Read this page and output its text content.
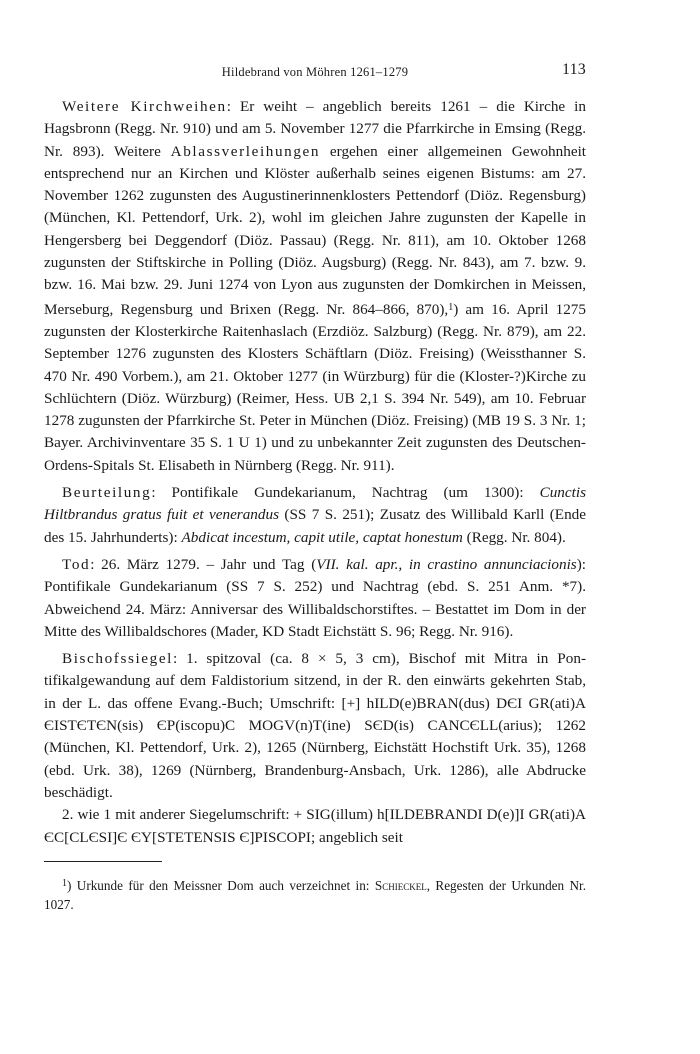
Hildebrand von Möhren 1261–1279	113

Weitere Kirchweihen: Er weiht – angeblich bereits 1261 – die Kirche in Hagsbronn (Regg. Nr. 910) und am 5. November 1277 die Pfarrkirche in Emsing (Regg. Nr. 893). Weitere Ablassverleihungen ergehen einer allgemeinen Gewohnheit entsprechend nur an Kirchen und Klöster außerhalb seines eigenen Bistums: am 27. November 1262 zugunsten des Augustinerinnenklosters Pettendorf (Diöz. Regensburg) (München, Kl. Pettendorf, Urk. 2), wohl im gleichen Jahre zugunsten der Kapelle in Hengersberg bei Deggendorf (Diöz. Passau) (Regg. Nr. 811), am 10. Oktober 1268 zugunsten der Stiftskirche in Polling (Diöz. Augsburg) (Regg. Nr. 843), am 7. bzw. 9. bzw. 16. Mai bzw. 29. Juni 1274 von Lyon aus zugunsten der Domkirchen in Meissen, Merseburg, Regensburg und Brixen (Regg. Nr. 864–866, 870),$^1$) am 16. April 1275 zugunsten der Klosterkirche Raitenhaslach (Erzdiöz. Salzburg) (Regg. Nr. 879), am 22. September 1276 zugunsten des Klosters Schäftlarn (Diöz. Freising) (Weissthanner S. 470 Nr. 490 Vorbem.), am 21. Oktober 1277 (in Würzburg) für die (Kloster-?)Kirche zu Schlüchtern (Diöz. Würzburg) (Reimer, Hess. UB 2,1 S. 394 Nr. 549), am 10. Februar 1278 zugunsten der Pfarrkirche St. Peter in München (Diöz. Freising) (MB 19 S. 3 Nr. 1; Bayer. Archivinventare 35 S. 1 U 1) und zu unbekannter Zeit zugunsten des Deutschen-Ordens-Spitals St. Elisabeth in Nürnberg (Regg. Nr. 911).

Beurteilung: Pontifikale Gundekarianum, Nachtrag (um 1300): Cunctis Hiltbrandus gratus fuit et venerandus (SS 7 S. 251); Zusatz des Willibald Karll (Ende des 15. Jahrhunderts): Abdicat incestum, capit utile, captat honestum (Regg. Nr. 804).

Tod: 26. März 1279. – Jahr und Tag (VII. kal. apr., in crastino annunciacionis): Pontifikale Gundekarianum (SS 7 S. 252) und Nachtrag (ebd. S. 251 Anm. *7). Abweichend 24. März: Anniversar des Willibaldschorstiftes. – Bestattet im Dom in der Mitte des Willibaldschores (Mader, KD Stadt Eichstätt S. 96; Regg. Nr. 916).

Bischofssiegel: 1. spitzoval (ca. 8 × 5, 3 cm), Bischof mit Mitra in Pontifikalgewandung auf dem Faldistorium sitzend, in der R. den einwärts gekehrten Stab, in der L. das offene Evang.-Buch; Umschrift: [+] hILD(e)BRAN(dus) DЄI GR(ati)A ЄISTЄTЄN(sis) ЄP(iscopu)C MOGV(n)T(ine) SЄD(is) CANCЄLL(arius); 1262 (München, Kl. Pettendorf, Urk. 2), 1265 (Nürnberg, Eichstätt Hochstift Urk. 35), 1268 (ebd. Urk. 38), 1269 (Nürnberg, Brandenburg-Ansbach, Urk. 1286), alle Abdrucke beschädigt.

2. wie 1 mit anderer Siegelumschrift: + SIG(illum) h[ILDEBRANDI D(e)]I GR(ati)A ЄC[CLЄSI]Є ЄY[STETENSIS Є]PISCOPI; angeblich seit

$^1$) Urkunde für den Meissner Dom auch verzeichnet in: Schieckel, Regesten der Urkunden Nr. 1027.
